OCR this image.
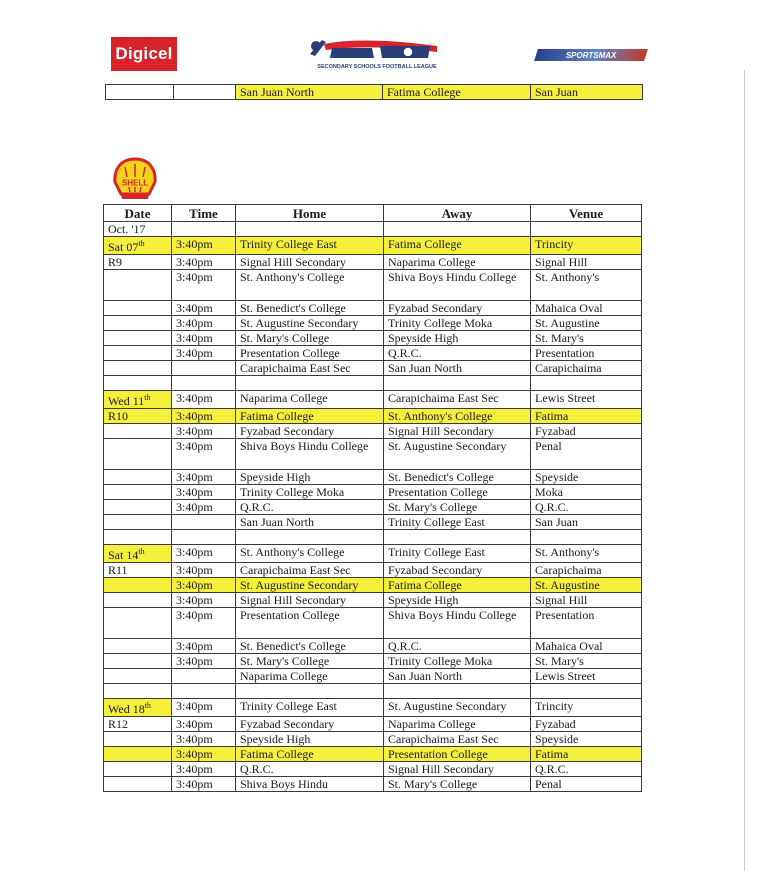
Digicel
SECONDARY SCHOOLS FOOTBALL LEAGUE
SPORTSMAX
SHELL
		San Juan North	Fatima College	San Juan
Date	Time	Home	Away	Venue
Oct. '17				
Sat 07th	3:40pm	Trinity College East	Fatima College	Trincity
R9	3:40pm	Signal Hill Secondary	Naparima College	Signal Hill
	3:40pm	St. Anthony's College	Shiva Boys Hindu College	St. Anthony's
	3:40pm	St. Benedict's College	Fyzabad Secondary	Mahaica Oval
	3:40pm	St. Augustine Secondary	Trinity College Moka	St. Augustine
	3:40pm	St. Mary's College	Speyside High	St. Mary's
	3:40pm	Presentation College	Q.R.C.	Presentation
		Carapichaima East Sec	San Juan North	Carapichaima

Wed 11th	3:40pm	Naparima College	Carapichaima East Sec	Lewis Street
R10	3:40pm	Fatima College	St. Anthony's College	Fatima
	3:40pm	Fyzabad Secondary	Signal Hill Secondary	Fyzabad
	3:40pm	Shiva Boys Hindu College	St. Augustine Secondary	Penal
	3:40pm	Speyside High	St. Benedict's College	Speyside
	3:40pm	Trinity College Moka	Presentation College	Moka
	3:40pm	Q.R.C.	St. Mary's College	Q.R.C.
		San Juan North	Trinity College East	San Juan

Sat 14th	3:40pm	St. Anthony's College	Trinity College East	St. Anthony's
R11	3:40pm	Carapichaima East Sec	Fyzabad Secondary	Carapichaima
	3:40pm	St. Augustine Secondary	Fatima College	St. Augustine
	3:40pm	Signal Hill Secondary	Speyside High	Signal Hill
	3:40pm	Presentation College	Shiva Boys Hindu College	Presentation
	3:40pm	St. Benedict's College	Q.R.C.	Mahaica Oval
	3:40pm	St. Mary's College	Trinity College Moka	St. Mary's
		Naparima College	San Juan North	Lewis Street

Wed 18th	3:40pm	Trinity College East	St. Augustine Secondary	Trincity
R12	3:40pm	Fyzabad Secondary	Naparima College	Fyzabad
	3:40pm	Speyside High	Carapichaima East Sec	Speyside
	3:40pm	Fatima College	Presentation College	Fatima
	3:40pm	Q.R.C.	Signal Hill Secondary	Q.R.C.
	3:40pm	Shiva Boys Hindu	St. Mary's College	Penal
